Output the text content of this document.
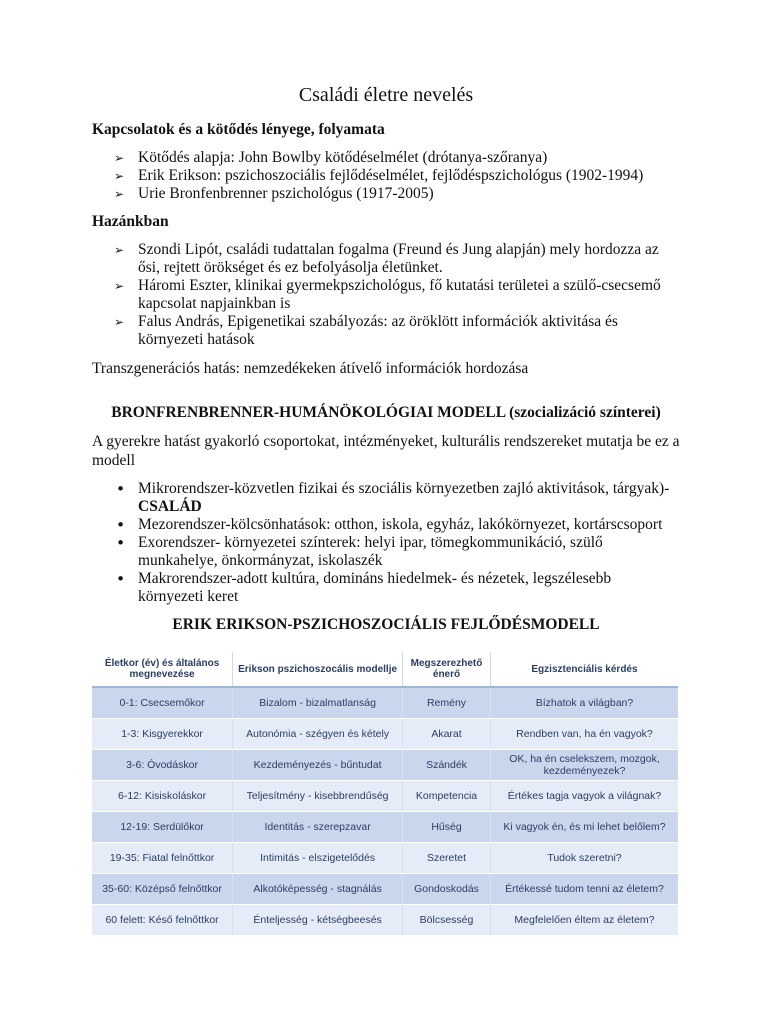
Családi életre nevelés
Kapcsolatok és a kötődés lényege, folyamata
➢ Kötődés alapja: John Bowlby kötődéselmélet (drótanya-szőranya)
➢ Erik Erikson: pszichoszociális fejlődéselmélet, fejlődéspszichológus (1902-1994)
➢ Urie Bronfenbrenner pszichológus (1917-2005)
Hazánkban
➢ Szondi Lipót, családi tudattalan fogalma (Freund és Jung alapján) mely hordozza az ősi, rejtett örökséget és ez befolyásolja életünket.
➢ Háromi Eszter, klinikai gyermekpszichológus, fő kutatási területei a szülő-csecsemő kapcsolat napjainkban is
➢ Falus András, Epigenetikai szabályozás: az öröklött információk aktivitása és környezeti hatások

Transzgenerációs hatás: nemzedékeken átívelő információk hordozása

BRONFRENBRENNER-HUMÁNÖKOLÓGIAI MODELL (szocializáció színterei)

A gyerekre hatást gyakorló csoportokat, intézményeket, kulturális rendszereket mutatja be ez a modell

• Mikrorendszer-közvetlen fizikai és szociális környezetben zajló aktivitások, tárgyak)- CSALÁD
• Mezorendszer-kölcsönhatások: otthon, iskola, egyház, lakókörnyezet, kortárscsoport
• Exorendszer- környezetei színterek: helyi ipar, tömegkommunikáció, szülő munkahelye, önkormányzat, iskolaszék
• Makrorendszer-adott kultúra, domináns hiedelmek- és nézetek, legszélesebb környezeti keret
ERIK ERIKSON-PSZICHOSZOCIÁLIS FEJLŐDÉSMODELL
Életkor (év) és általános megnevezése	Erikson pszichoszocális modellje	Megszerezhető énerő	Egzisztenciális kérdés
0-1: Csecsemőkor	Bizalom - bizalmatlanság	Remény	Bízhatok a világban?
1-3: Kisgyerekkor	Autonómia - szégyen és kétely	Akarat	Rendben van, ha én vagyok?
3-6: Óvodáskor	Kezdeményezés - bűntudat	Szándék	OK, ha én cselekszem, mozgok, kezdeményezek?
6-12: Kisiskoláskor	Teljesítmény - kisebbrendűség	Kompetencia	Értékes tagja vagyok a világnak?
12-19: Serdülőkor	Identitás - szerepzavar	Hűség	Ki vagyok én, és mi lehet belőlem?
19-35: Fiatal felnőttkor	Intimitás - elszigetelődés	Szeretet	Tudok szeretni?
35-60: Középső felnőttkor	Alkotóképesség - stagnálás	Gondoskodás	Értékessé tudom tenni az életem?
60 felett: Késő felnőttkor	Énteljesség - kétségbeesés	Bölcsesség	Megfelelően éltem az életem?
